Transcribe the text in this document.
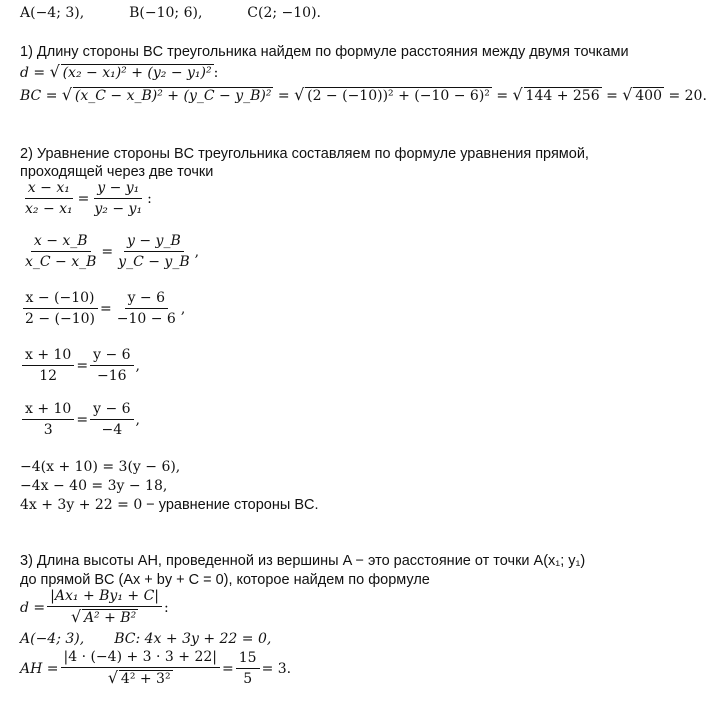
A(−4; 3),	B(−10; 6),	C(2; −10).
1) Длину стороны BC треугольника найдем по формуле расстояния между двумя точками
d = √ (x₂ − x₁)² + (y₂ − y₁)² :
BC = √ (x_C − x_B)² + (y_C − y_B)² = √ (2 − (−10))² + (−10 − 6)² = √ 144 + 256 = √ 400 = 20.
2) Уравнение стороны BC треугольника составляем по формуле уравнения прямой,
проходящей через две точки
$\frac{\text{x − x₁}}{\text{x₂ − x₁}} = \frac{\text{y − y₁}}{\text{y₂ − y₁}}$ :
$\frac{x - x\_B}{x\_C - x\_B} = \frac{y - y\_B}{y\_C - y\_B}$ ,
$\frac{x - (-10)}{2 - (-10)} = \frac{y - 6}{-10 - 6}$ ,
$\frac{x + 10}{12} = \frac{y - 6}{-16}$ ,
$\frac{x + 10}{3} = \frac{y - 6}{-4}$ ,
−4(x + 10) = 3(y − 6),
−4x − 40 = 3y − 18,
4x + 3y + 22 = 0 − уравнение стороны BC.
3) Длина высоты AH, проведенной из вершины A − это расстояние от точки A(x₁; y₁)
до прямой BC (Ax + by + C = 0), которое найдем по формуле
d = |Ax₁ + By₁ + C|
√ A² + B² :
A(−4; 3), BC: 4x + 3y + 22 = 0,
AH = |4 · (−4) + 3 · 3 + 22|
√ $4^2 + 3^2 = \frac{15}{5} = 3$.
